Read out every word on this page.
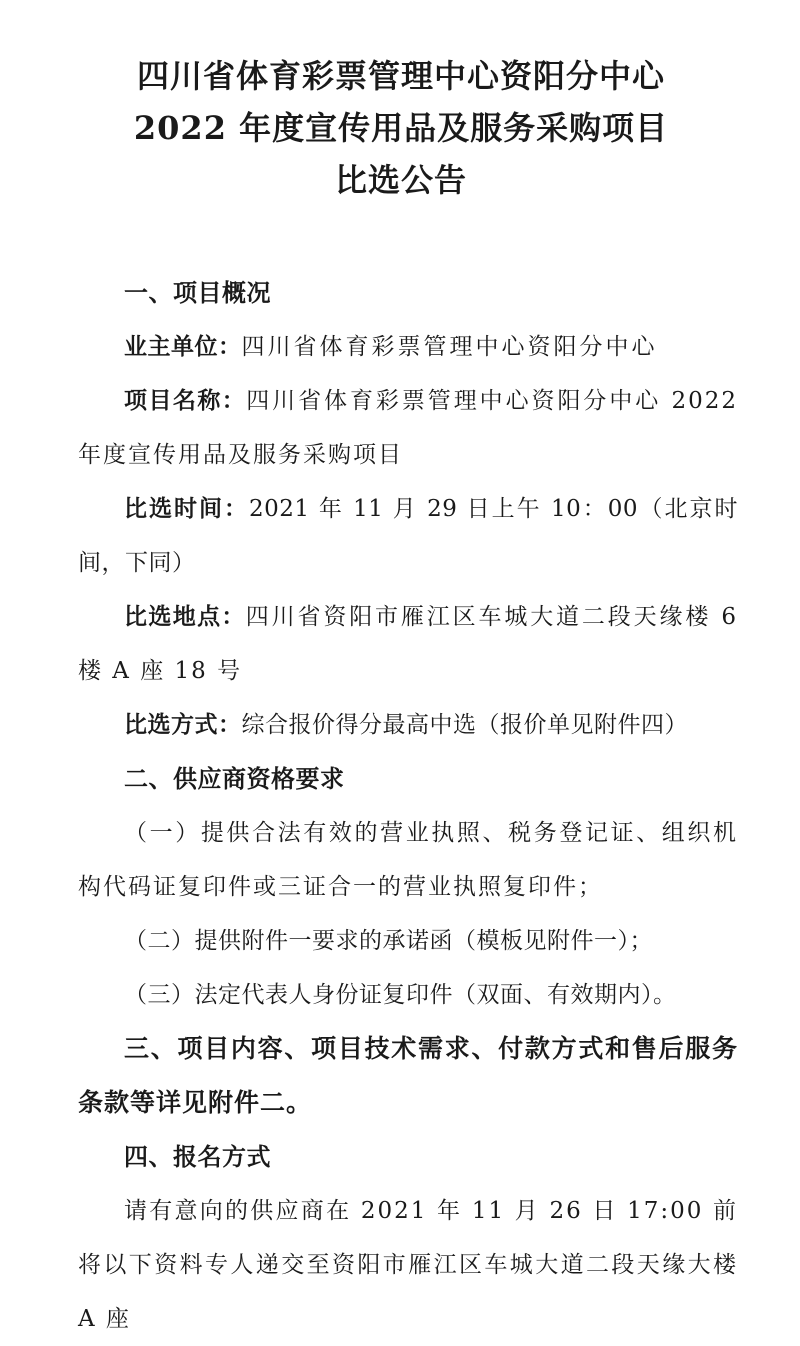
四川省体育彩票管理中心资阳分中心
2022 年度宣传用品及服务采购项目
比选公告

一、项目概况

业主单位：四川省体育彩票管理中心资阳分中心

项目名称：四川省体育彩票管理中心资阳分中心 2022 年度宣传用品及服务采购项目

比选时间：2021 年 11 月 29 日上午 10：00（北京时间，下同）

比选地点：四川省资阳市雁江区车城大道二段天缘楼 6 楼 A 座 18 号

比选方式：综合报价得分最高中选（报价单见附件四）

二、供应商资格要求

（一）提供合法有效的营业执照、税务登记证、组织机构代码证复印件或三证合一的营业执照复印件；

（二）提供附件一要求的承诺函（模板见附件一）；

（三）法定代表人身份证复印件（双面、有效期内）。

三、项目内容、项目技术需求、付款方式和售后服务条款等详见附件二。

四、报名方式

请有意向的供应商在 2021 年 11 月 26 日 17:00 前将以下资料专人递交至资阳市雁江区车城大道二段天缘大楼 A 座
